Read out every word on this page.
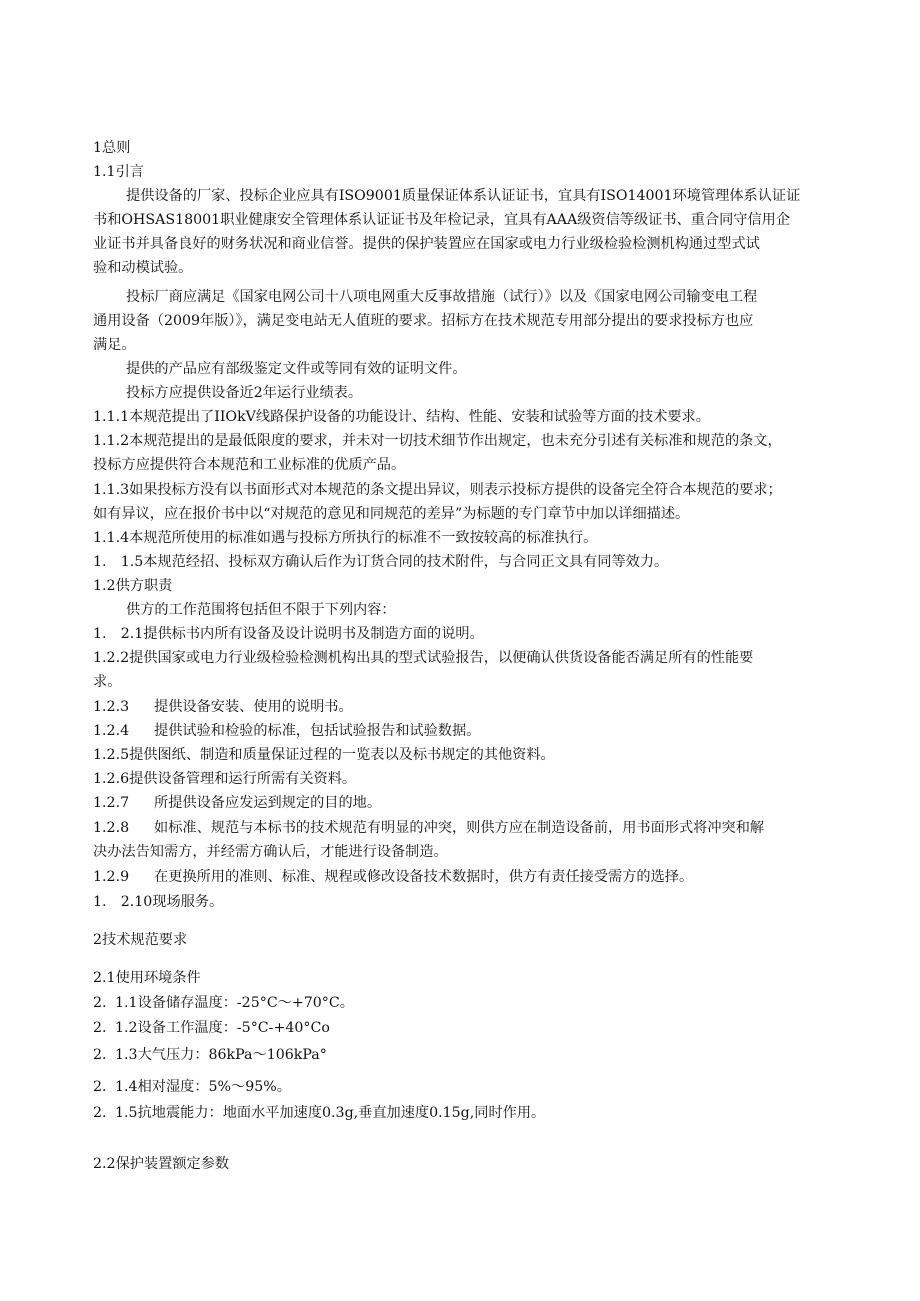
1总则
1.1引言
提供设备的厂家、投标企业应具有ISO9001质量保证体系认证证书，宜具有ISO14001环境管理体系认证证
书和OHSAS18001职业健康安全管理体系认证证书及年检记录，宜具有AAA级资信等级证书、重合同守信用企
业证书并具备良好的财务状况和商业信誉。提供的保护装置应在国家或电力行业级检验检测机构通过型式试
验和动模试验。
投标厂商应满足《国家电网公司十八项电网重大反事故措施（试行）》以及《国家电网公司输变电工程
通用设备（2009年版）》，满足变电站无人值班的要求。招标方在技术规范专用部分提出的要求投标方也应
满足。
提供的产品应有部级鉴定文件或等同有效的证明文件。
投标方应提供设备近2年运行业绩表。
1.1.1本规范提出了IIOkV线路保护设备的功能设计、结构、性能、安装和试验等方面的技术要求。
1.1.2本规范提出的是最低限度的要求，并未对一切技术细节作出规定，也未充分引述有关标准和规范的条文，
投标方应提供符合本规范和工业标准的优质产品。
1.1.3如果投标方没有以书面形式对本规范的条文提出异议，则表示投标方提供的设备完全符合本规范的要求；
如有异议，应在报价书中以“对规范的意见和同规范的差异”为标题的专门章节中加以详细描述。
1.1.4本规范所使用的标准如遇与投标方所执行的标准不一致按较高的标准执行。
1.　1.5本规范经招、投标双方确认后作为订货合同的技术附件，与合同正文具有同等效力。
1.2供方职责
供方的工作范围将包括但不限于下列内容：
1.　2.1提供标书内所有设备及设计说明书及制造方面的说明。
1.2.2提供国家或电力行业级检验检测机构出具的型式试验报告，以便确认供货设备能否满足所有的性能要
求。
1.2.3 提供设备安装、使用的说明书。
1.2.4 提供试验和检验的标准，包括试验报告和试验数据。
1.2.5提供图纸、制造和质量保证过程的一览表以及标书规定的其他资料。
1.2.6提供设备管理和运行所需有关资料。
1.2.7 所提供设备应发运到规定的目的地。
1.2.8 如标准、规范与本标书的技术规范有明显的冲突，则供方应在制造设备前，用书面形式将冲突和解
决办法告知需方，并经需方确认后，才能进行设备制造。
1.2.9 在更换所用的准则、标准、规程或修改设备技术数据时，供方有责任接受需方的选择。
1.　2.10现场服务。
2技术规范要求
2.1使用环境条件
2. 1.1设备储存温度：-25°C～+70°C。
2. 1.2设备工作温度：-5°C-+40°Co
2. 1.3大气压力：86kPa～106kPa°
2. 1.4相对湿度：5%～95%。
2. 1.5抗地震能力：地面水平加速度0.3g,垂直加速度0.15g,同时作用。
2.2保护装置额定参数
